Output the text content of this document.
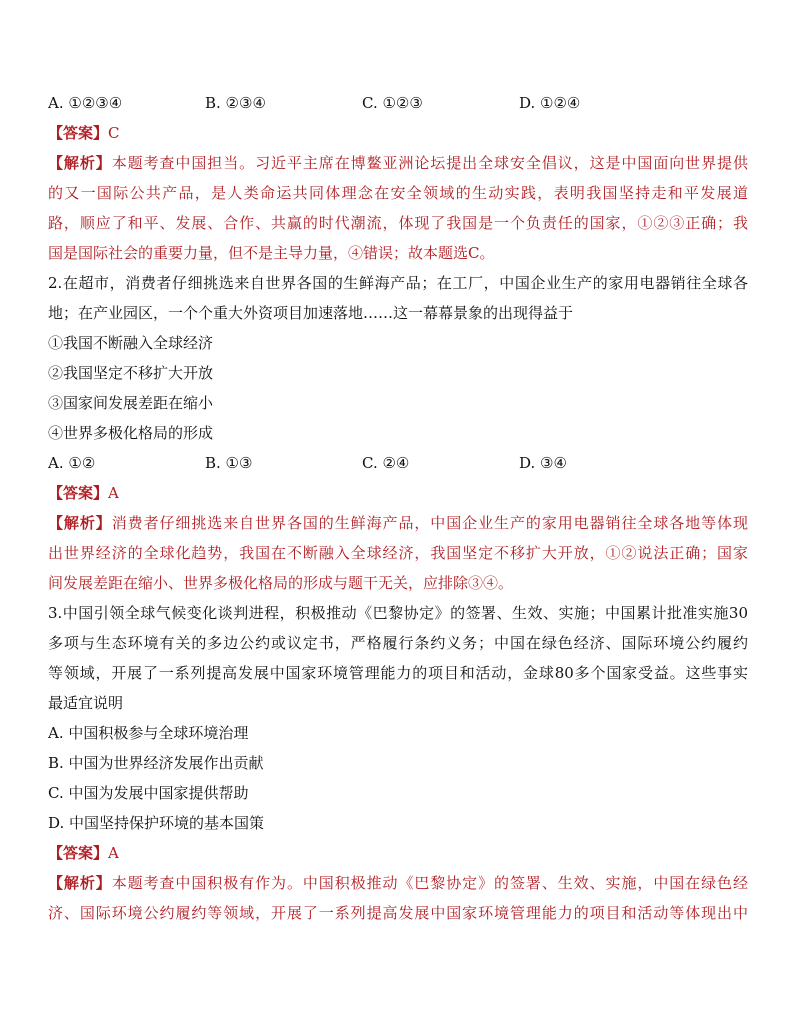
A. ①②③④	B. ②③④	C. ①②③	D. ①②④
【答案】C
【解析】本题考查中国担当。习近平主席在博鳌亚洲论坛提出全球安全倡议，这是中国面向世界提供
的又一国际公共产品，是人类命运共同体理念在安全领域的生动实践，表明我国坚持走和平发展道
路，顺应了和平、发展、合作、共赢的时代潮流，体现了我国是一个负责任的国家，①②③正确；我
国是国际社会的重要力量，但不是主导力量，④错误；故本题选C。
2.在超市，消费者仔细挑选来自世界各国的生鲜海产品；在工厂，中国企业生产的家用电器销往全球各
地；在产业园区，一个个重大外资项目加速落地……这一幕幕景象的出现得益于
①我国不断融入全球经济
②我国坚定不移扩大开放
③国家间发展差距在缩小
④世界多极化格局的形成
A. ①②	B. ①③	C. ②④	D. ③④
【答案】A
【解析】消费者仔细挑选来自世界各国的生鲜海产品，中国企业生产的家用电器销往全球各地等体现
出世界经济的全球化趋势，我国在不断融入全球经济，我国坚定不移扩大开放，①②说法正确；国家
间发展差距在缩小、世界多极化格局的形成与题干无关，应排除③④。
3.中国引领全球气候变化谈判进程，积极推动《巴黎协定》的签署、生效、实施；中国累计批准实施30
多项与生态环境有关的多边公约或议定书，严格履行条约义务；中国在绿色经济、国际环境公约履约
等领域，开展了一系列提高发展中国家环境管理能力的项目和活动，金球80多个国家受益。这些事实
最适宜说明
A. 中国积极参与全球环境治理
B. 中国为世界经济发展作出贡献
C. 中国为发展中国家提供帮助
D. 中国坚持保护环境的基本国策
【答案】A
【解析】本题考查中国积极有作为。中国积极推动《巴黎协定》的签署、生效、实施，中国在绿色经
济、国际环境公约履约等领域，开展了一系列提高发展中国家环境管理能力的项目和活动等体现出中
